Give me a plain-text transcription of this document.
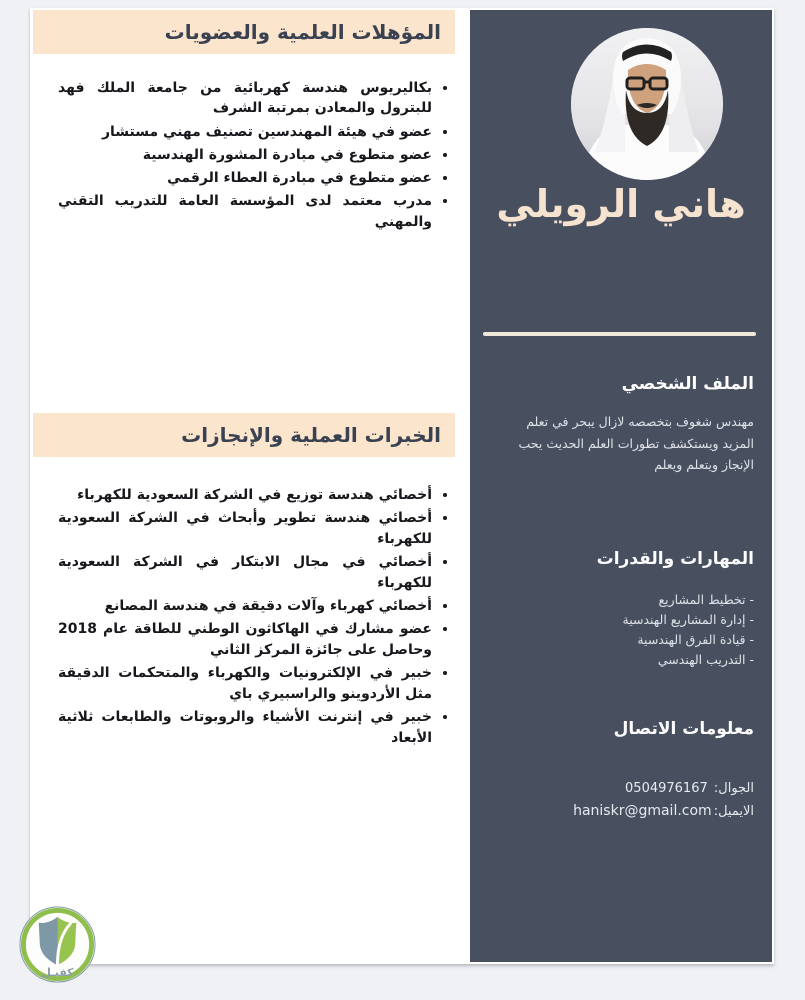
المؤهلات العلمية والعضويات
• بكاليريوس هندسة كهربائية من جامعة الملك فهد للبترول والمعادن بمرتبة الشرف
• عضو في هيئة المهندسين تصنيف مهني مستشار
• عضو متطوع في مبادرة المشورة الهندسية
• عضو متطوع في مبادرة العطاء الرقمي
• مدرب معتمد لدى المؤسسة العامة للتدريب التقني والمهني
الخبرات العملية والإنجازات
• أخصائي هندسة توزيع في الشركة السعودية للكهرباء
• أخصائي هندسة تطوير وأبحاث في الشركة السعودية للكهرباء
• أخصائي في مجال الابتكار في الشركة السعودية للكهرباء
• أخصائي كهرباء وآلات دقيقة في هندسة المصانع
• عضو مشارك في الهاكاثون الوطني للطاقة عام 2018 وحاصل على جائزة المركز الثاني
• خبير في الإلكترونيات والكهرباء والمتحكمات الدقيقة مثل الأردوينو والراسبيري باي
• خبير في إنترنت الأشياء والروبوتات والطابعات ثلاثية الأبعاد
هاني الرويلي
الملف الشخصي
مهندس شغوف بتخصصه لازال يبحر في تعلم المزيد ويستكشف تطورات العلم الحديث يحب الإنجاز ويتعلم ويعلم
المهارات والقدرات
- تخطيط المشاريع
- إدارة المشاريع الهندسية
- قيادة الفرق الهندسية
- التدريب الهندسي
معلومات الاتصال
الجوال: 0504976167
الايميل:haniskr@gmail.com
كفيـل
